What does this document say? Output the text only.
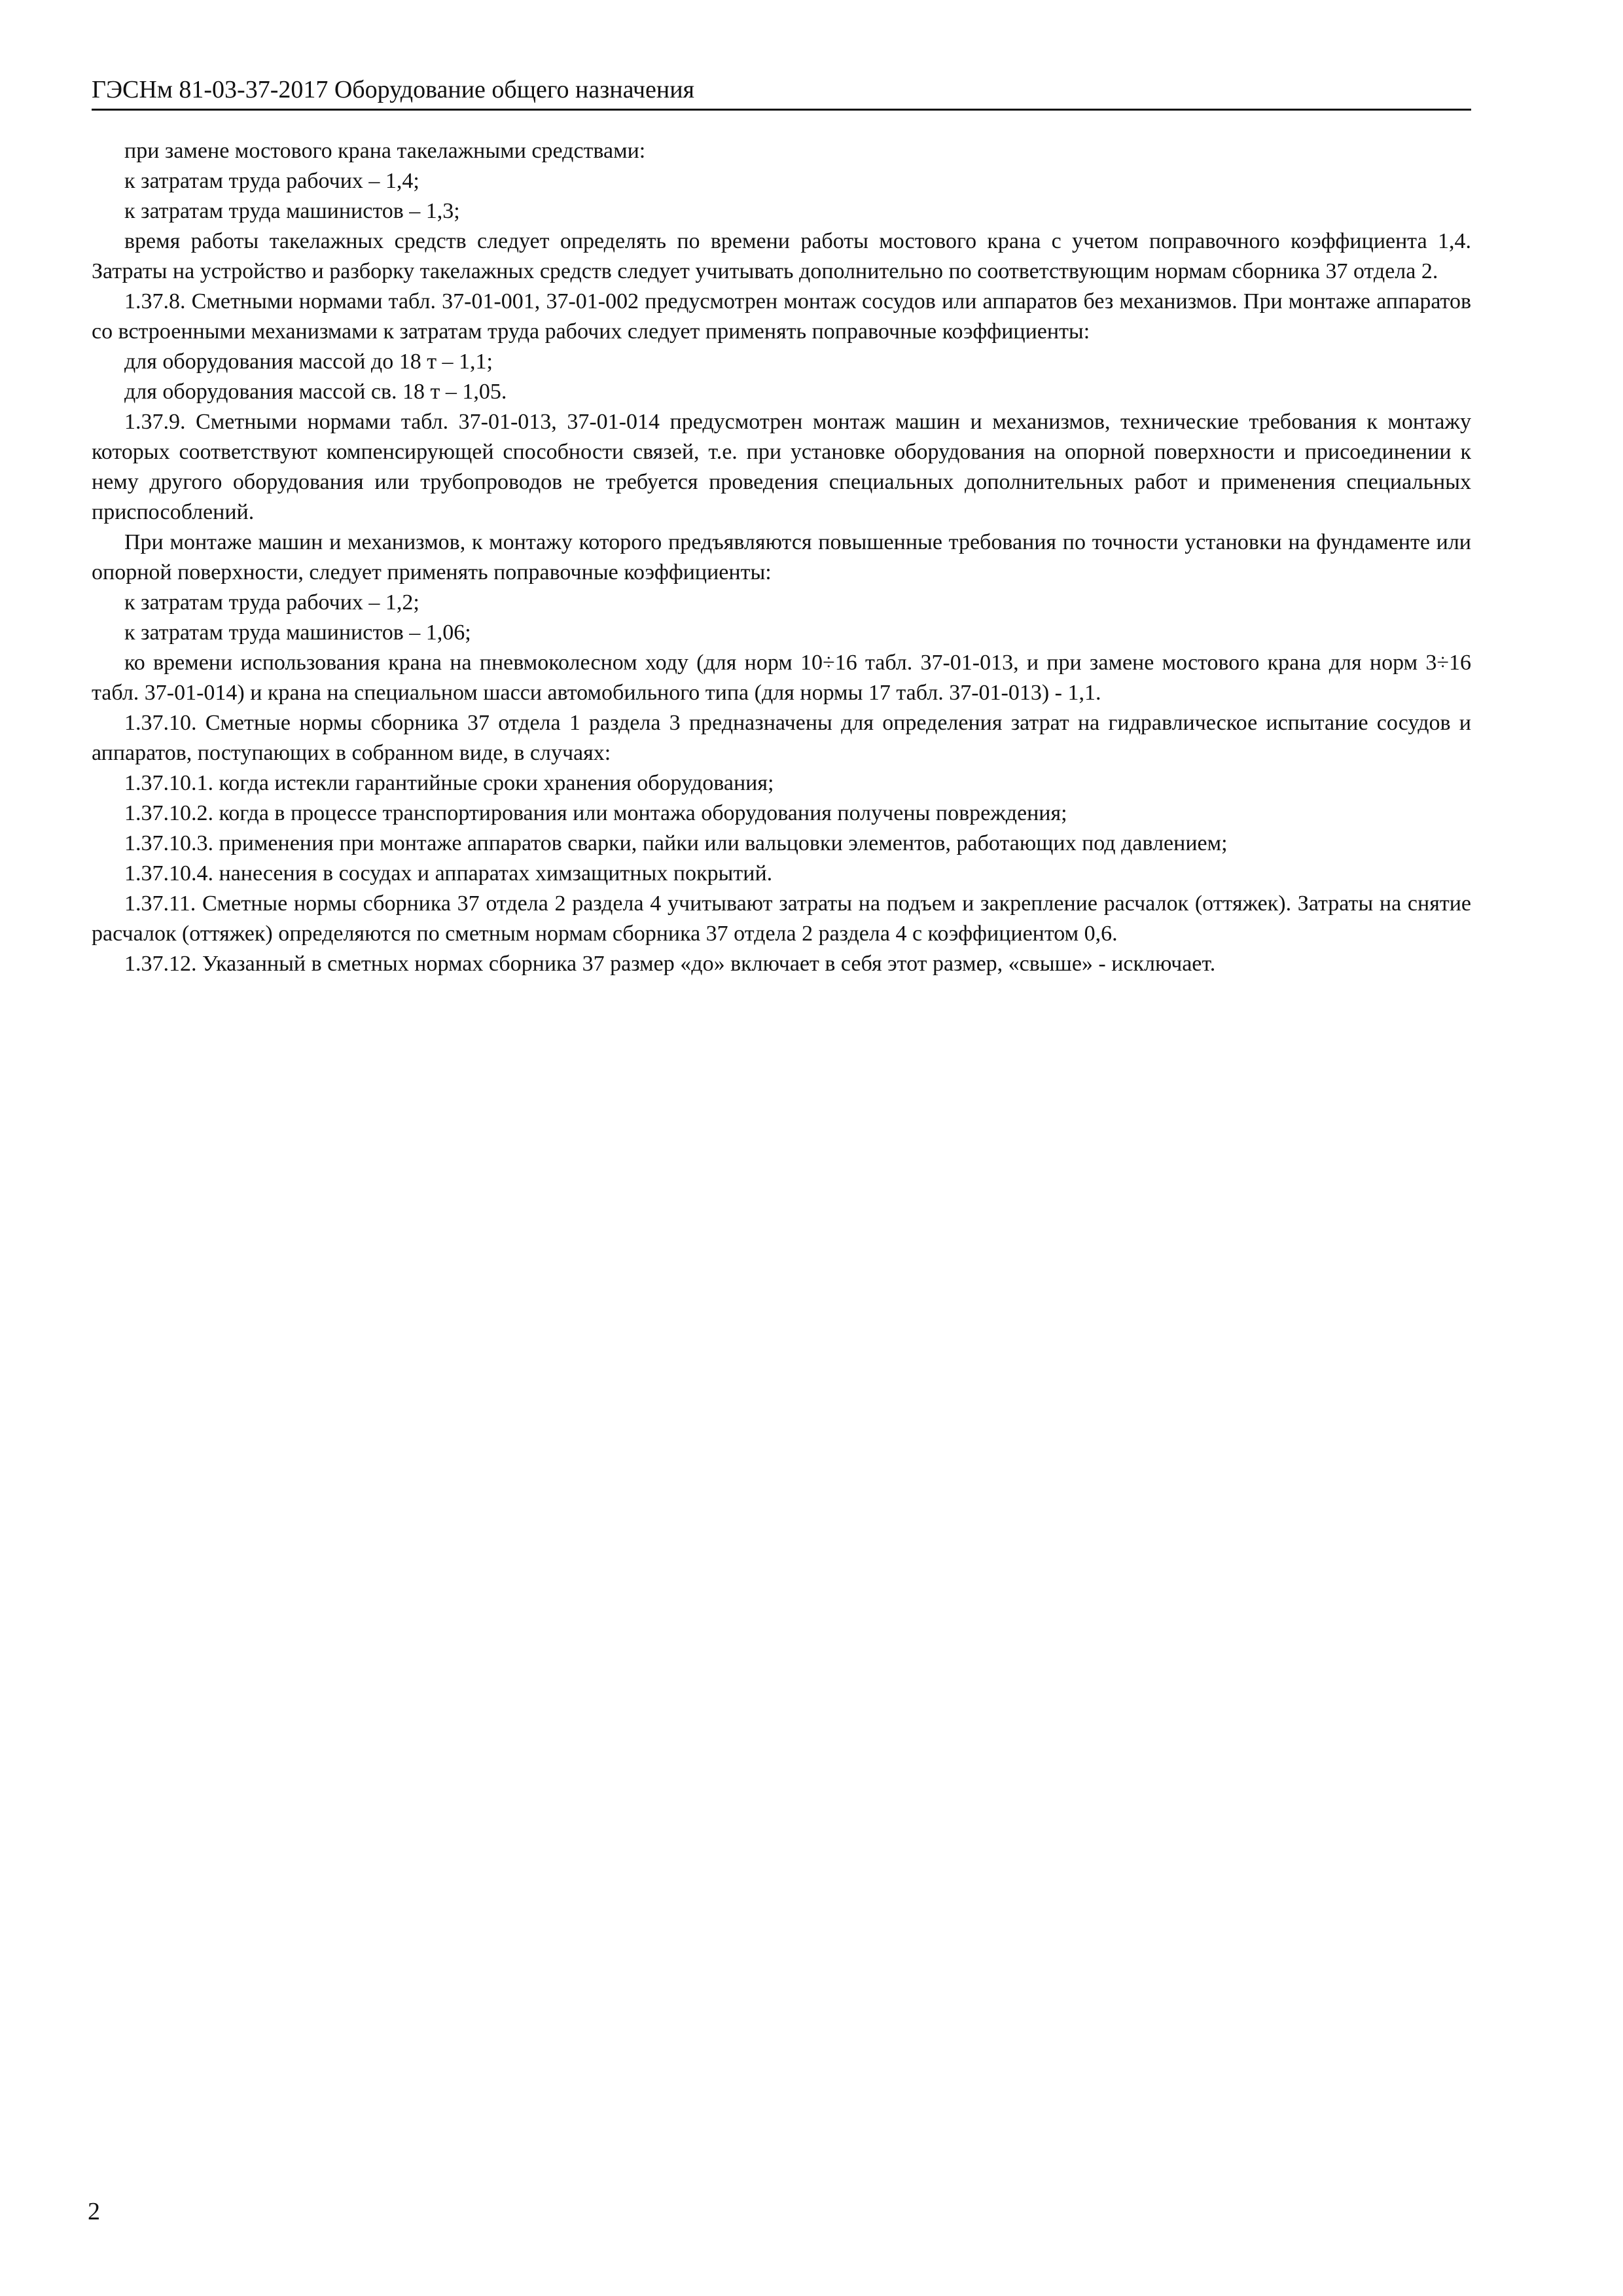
ГЭСНм 81-03-37-2017 Оборудование общего назначения

при замене мостового крана такелажными средствами:

к затратам труда рабочих – 1,4;

к затратам труда машинистов – 1,3;

время работы такелажных средств следует определять по времени работы мостового крана с учетом поправочного коэффициента 1,4. Затраты на устройство и разборку такелажных средств следует учитывать дополнительно по соответствующим нормам сборника 37 отдела 2.

1.37.8. Сметными нормами табл. 37-01-001, 37-01-002 предусмотрен монтаж сосудов или аппаратов без механизмов. При монтаже аппаратов со встроенными механизмами к затратам труда рабочих следует применять поправочные коэффициенты:

для оборудования массой до 18 т – 1,1;

для оборудования массой св. 18 т – 1,05.

1.37.9. Сметными нормами табл. 37-01-013, 37-01-014 предусмотрен монтаж машин и механизмов, технические требования к монтажу которых соответствуют компенсирующей способности связей, т.е. при установке оборудования на опорной поверхности и присоединении к нему другого оборудования или трубопроводов не требуется проведения специальных дополнительных работ и применения специальных приспособлений.

При монтаже машин и механизмов, к монтажу которого предъявляются повышенные требования по точности установки на фундаменте или опорной поверхности, следует применять поправочные коэффициенты:

к затратам труда рабочих – 1,2;

к затратам труда машинистов – 1,06;

ко времени использования крана на пневмоколесном ходу (для норм 10÷16 табл. 37-01-013, и при замене мостового крана для норм 3÷16 табл. 37-01-014) и крана на специальном шасси автомобильного типа (для нормы 17 табл. 37-01-013) - 1,1.

1.37.10. Сметные нормы сборника 37 отдела 1 раздела 3 предназначены для определения затрат на гидравлическое испытание сосудов и аппаратов, поступающих в собранном виде, в случаях:

1.37.10.1. когда истекли гарантийные сроки хранения оборудования;

1.37.10.2. когда в процессе транспортирования или монтажа оборудования получены повреждения;

1.37.10.3. применения при монтаже аппаратов сварки, пайки или вальцовки элементов, работающих под давлением;

1.37.10.4. нанесения в сосудах и аппаратах химзащитных покрытий.

1.37.11. Сметные нормы сборника 37 отдела 2 раздела 4 учитывают затраты на подъем и закрепление расчалок (оттяжек). Затраты на снятие расчалок (оттяжек) определяются по сметным нормам сборника 37 отдела 2 раздела 4 с коэффициентом 0,6.

1.37.12. Указанный в сметных нормах сборника 37 размер «до» включает в себя этот размер, «свыше» - исключает.

2
